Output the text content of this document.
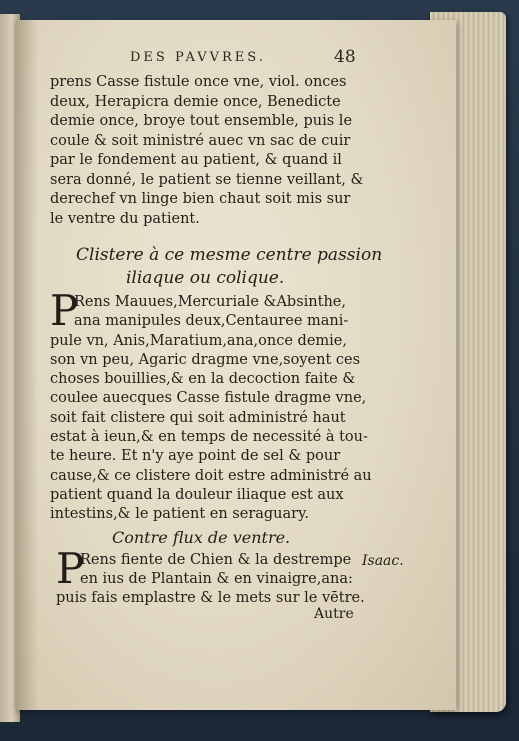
DES PAVVRES.	48
prens Casse fistule once vne, viol. onces
deux, Herapicra demie once, Benedicte
demie once, broye tout ensemble, puis le
coule & soit ministré auec vn sac de cuir
par le fondement au patient, & quand il
sera donné, le patient se tienne veillant, &
derechef vn linge bien chaut soit mis sur
le ventre du patient.
Clistere à ce mesme centre passion
iliaque ou colique.
P
Rens Mauues,Mercuriale &Absinthe,
ana manipules deux,Centauree mani-
pule vn, Anis,Maratium,ana,once demie,
son vn peu, Agaric dragme vne,soyent ces
choses bouillies,& en la decoction faite &
coulee auecques Casse fistule dragme vne,
soit fait clistere qui soit administré haut
estat à ieun,& en temps de necessité à tou-
te heure. Et n'y aye point de sel & pour
cause,& ce clistere doit estre administré au
patient quand la douleur iliaque est aux
intestins,& le patient en seraguary.
Contre flux de ventre.
P
Rens fiente de Chien & la destrempe
en ius de Plantain & en vinaigre,ana:
puis fais emplastre & le mets sur le vētre.
Isaac.
Autre
